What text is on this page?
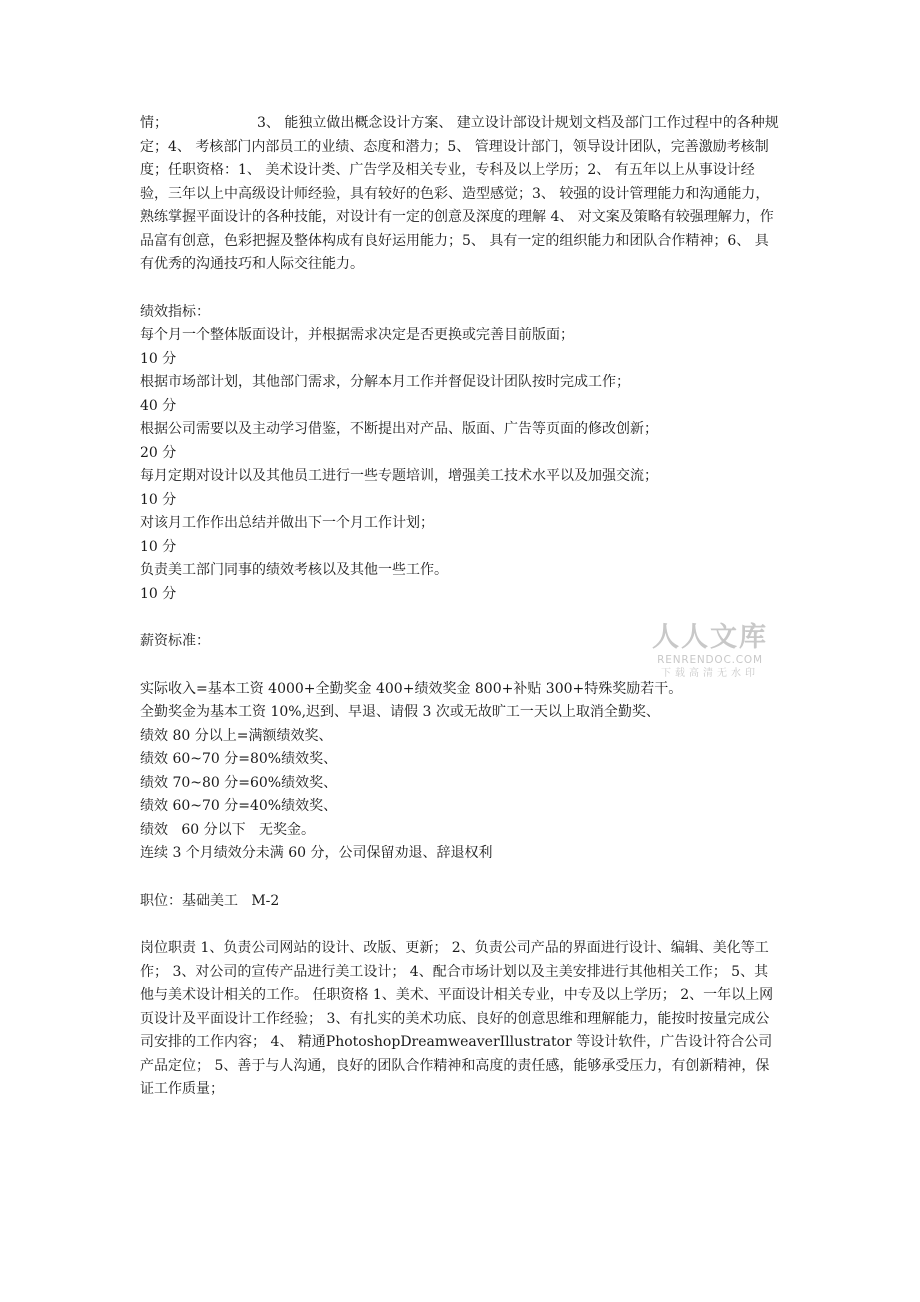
情；                    3、 能独立做出概念设计方案、 建立设计部设计规划文档及部门工作过程中的各种规定；4、 考核部门内部员工的业绩、态度和潜力；5、 管理设计部门，领导设计团队，完善激励考核制度；任职资格：1、 美术设计类、广告学及相关专业，专科及以上学历；2、 有五年以上从事设计经验，三年以上中高级设计师经验，具有较好的色彩、造型感觉；3、 较强的设计管理能力和沟通能力，熟练掌握平面设计的各种技能，对设计有一定的创意及深度的理解 4、 对文案及策略有较强理解力，作品富有创意，色彩把握及整体构成有良好运用能力；5、 具有一定的组织能力和团队合作精神；6、 具有优秀的沟通技巧和人际交往能力。

绩效指标：

每个月一个整体版面设计，并根据需求决定是否更换或完善目前版面；

10 分

根据市场部计划，其他部门需求，分解本月工作并督促设计团队按时完成工作；

40 分

根据公司需要以及主动学习借鉴，不断提出对产品、版面、广告等页面的修改创新；

20 分

每月定期对设计以及其他员工进行一些专题培训，增强美工技术水平以及加强交流；

10 分

对该月工作作出总结并做出下一个月工作计划；

10 分

负责美工部门同事的绩效考核以及其他一些工作。

10 分

薪资标准：

实际收入=基本工资 4000+全勤奖金 400+绩效奖金 800+补贴 300+特殊奖励若干。

全勤奖金为基本工资 10%,迟到、早退、请假 3 次或无故旷工一天以上取消全勤奖、

绩效 80 分以上=满额绩效奖、

绩效 60~70 分=80%绩效奖、

绩效 70~80 分=60%绩效奖、

绩效 60~70 分=40%绩效奖、

绩效   60 分以下   无奖金。

连续 3 个月绩效分未满 60 分，公司保留劝退、辞退权利

职位：基础美工   M-2

岗位职责 1、负责公司网站的设计、改版、更新； 2、负责公司产品的界面进行设计、编辑、美化等工作； 3、对公司的宣传产品进行美工设计； 4、配合市场计划以及主美安排进行其他相关工作； 5、其他与美术设计相关的工作。 任职资格 1、美术、平面设计相关专业，中专及以上学历； 2、一年以上网页设计及平面设计工作经验； 3、有扎实的美术功底、良好的创意思维和理解能力，能按时按量完成公司安排的工作内容； 4、 精通PhotoshopDreamweaverIllustrator 等设计软件，广告设计符合公司产品定位； 5、善于与人沟通，良好的团队合作精神和高度的责任感，能够承受压力，有创新精神，保证工作质量；

人人文库
RENRENDOC.COM
下载高清无水印
